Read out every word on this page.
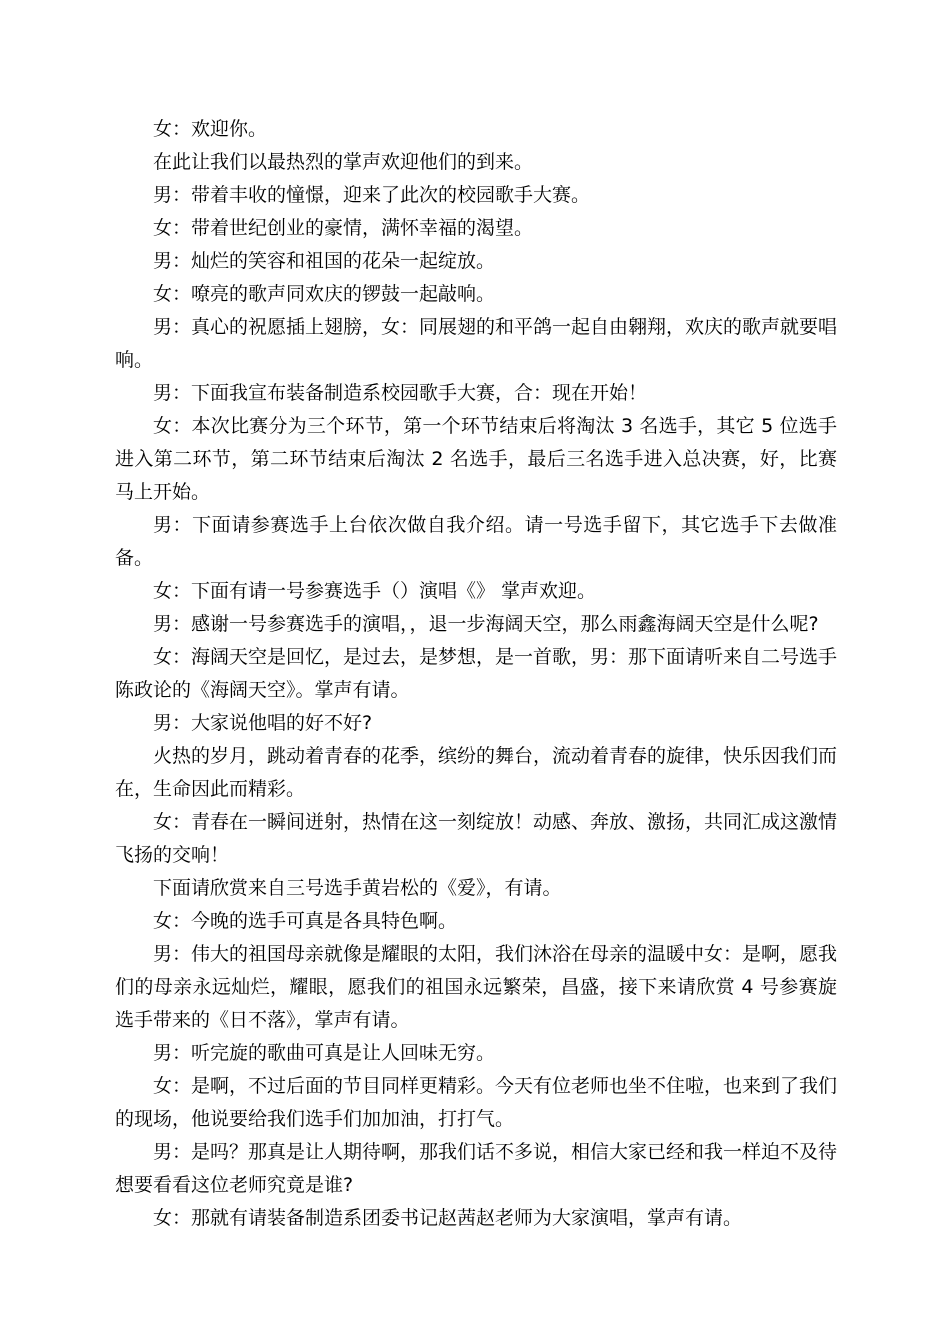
女：欢迎你。

在此让我们以最热烈的掌声欢迎他们的到来。

男：带着丰收的憧憬，迎来了此次的校园歌手大赛。

女：带着世纪创业的豪情，满怀幸福的渴望。

男：灿烂的笑容和祖国的花朵一起绽放。

女：嘹亮的歌声同欢庆的锣鼓一起敲响。

男：真心的祝愿插上翅膀，女：同展翅的和平鸽一起自由翱翔，欢庆的歌声就要唱响。

男：下面我宣布装备制造系校园歌手大赛，合：现在开始！

女：本次比赛分为三个环节，第一个环节结束后将淘汰 3 名选手，其它 5 位选手进入第二环节，第二环节结束后淘汰 2 名选手，最后三名选手进入总决赛，好，比赛马上开始。

男：下面请参赛选手上台依次做自我介绍。请一号选手留下，其它选手下去做准备。

女：下面有请一号参赛选手（）演唱《》 掌声欢迎。

男：感谢一号参赛选手的演唱，，退一步海阔天空，那么雨鑫海阔天空是什么呢?

女：海阔天空是回忆，是过去，是梦想，是一首歌，男：那下面请听来自二号选手陈政论的《海阔天空》。掌声有请。

男：大家说他唱的好不好?

火热的岁月，跳动着青春的花季，缤纷的舞台，流动着青春的旋律，快乐因我们而在，生命因此而精彩。

女：青春在一瞬间迸射，热情在这一刻绽放！动感、奔放、激扬，共同汇成这激情飞扬的交响！

下面请欣赏来自三号选手黄岩松的《爱》，有请。

女：今晚的选手可真是各具特色啊。

男：伟大的祖国母亲就像是耀眼的太阳，我们沐浴在母亲的温暖中女：是啊，愿我们的母亲永远灿烂，耀眼，愿我们的祖国永远繁荣，昌盛，接下来请欣赏 4 号参赛旋选手带来的《日不落》，掌声有请。

男：听完旋的歌曲可真是让人回味无穷。

女：是啊，不过后面的节目同样更精彩。今天有位老师也坐不住啦，也来到了我们的现场，他说要给我们选手们加加油，打打气。

男：是吗？那真是让人期待啊，那我们话不多说，相信大家已经和我一样迫不及待想要看看这位老师究竟是谁?

女：那就有请装备制造系团委书记赵茜赵老师为大家演唱，掌声有请。
